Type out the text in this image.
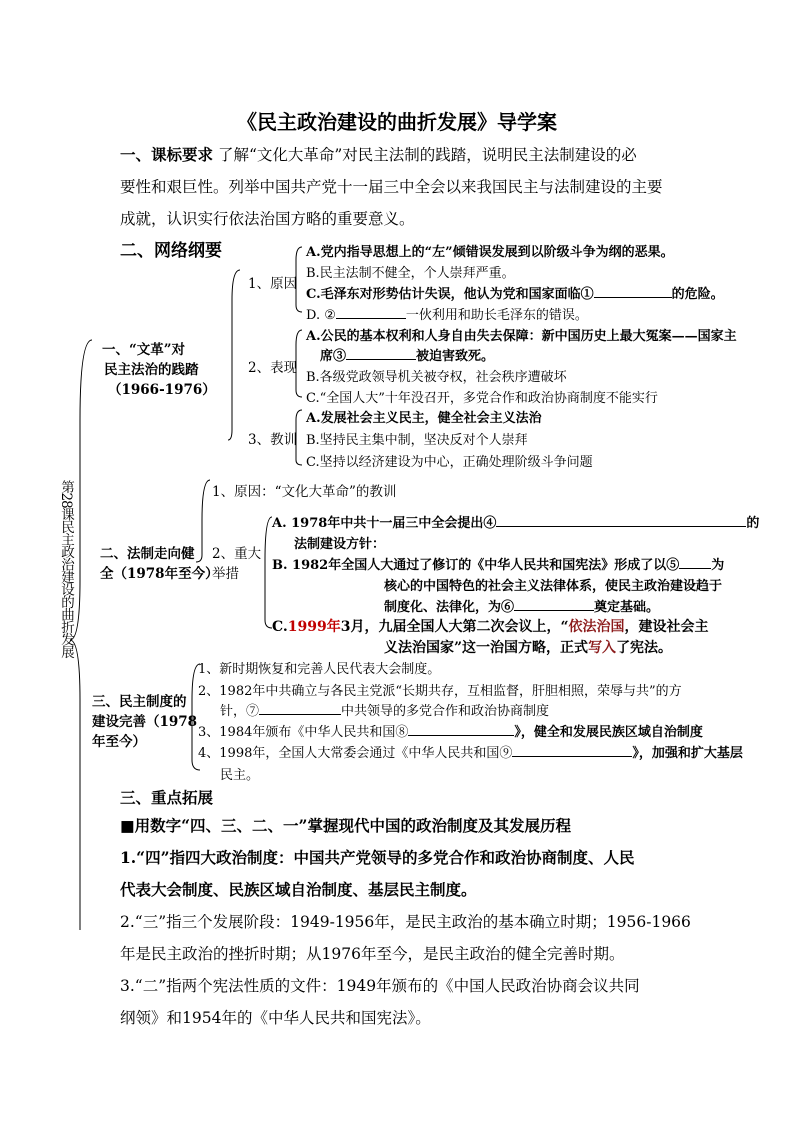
《民主政治建设的曲折发展》导学案
一、课标要求 了解“文化大革命”对民主法制的践踏，说明民主法制建设的必
要性和艰巨性。列举中国共产党十一届三中全会以来我国民主与法制建设的主要
成就，认识实行依法治国方略的重要意义。
二、网络纲要
第28课民主政治建设的曲折发展
一、“文革”对
民主法治的践踏
（1966-1976）
1、原因
A.党内指导思想上的“左”倾错误发展到以阶级斗争为纲的恶果。
B.民主法制不健全，个人崇拜严重。
C.毛泽东对形势估计失误，他认为党和国家面临①	的危险。
D. ②	一伙利用和助长毛泽东的错误。
2、表现
A.公民的基本权利和人身自由失去保障：新中国历史上最大冤案——国家主
席③	被迫害致死。
B.各级党政领导机关被夺权，社会秩序遭破坏
C.“全国人大”十年没召开，多党合作和政治协商制度不能实行
3、教训
A.发展社会主义民主，健全社会主义法治
B.坚持民主集中制，坚决反对个人崇拜
C.坚持以经济建设为中心，正确处理阶级斗争问题
二、法制走向健
全（1978年至今）
1、原因：“文化大革命”的教训
2、重大
举措
A. 1978年中共十一届三中全会提出④	的
法制建设方针：
B. 1982年全国人大通过了修订的《中华人民共和国宪法》形成了以⑤ 为
核心的中国特色的社会主义法律体系，使民主政治建设趋于
制度化、法律化，为⑥	奠定基础。
C.1999年3月，九届全国人大第二次会议上，“依法治国，建设社会主
义法治国家”这一治国方略，正式写入了宪法。
三、民主制度的
建设完善（1978
年至今）
1、新时期恢复和完善人民代表大会制度。
2、1982年中共确立与各民主党派“长期共存，互相监督，肝胆相照，荣辱与共”的方
针，⑦	中共领导的多党合作和政治协商制度
3、1984年颁布《中华人民共和国⑧	》，健全和发展民族区域自治制度
4、1998年，全国人大常委会通过《中华人民共和国⑨	》，加强和扩大基层
民主。
三、重点拓展
■用数字“四、三、二、一”掌握现代中国的政治制度及其发展历程
1.“四”指四大政治制度：中国共产党领导的多党合作和政治协商制度、人民
代表大会制度、民族区域自治制度、基层民主制度。
2.“三”指三个发展阶段：1949-1956年，是民主政治的基本确立时期；1956-1966
年是民主政治的挫折时期；从1976年至今，是民主政治的健全完善时期。
3.“二”指两个宪法性质的文件：1949年颁布的《中国人民政治协商会议共同
纲领》和1954年的《中华人民共和国宪法》。
